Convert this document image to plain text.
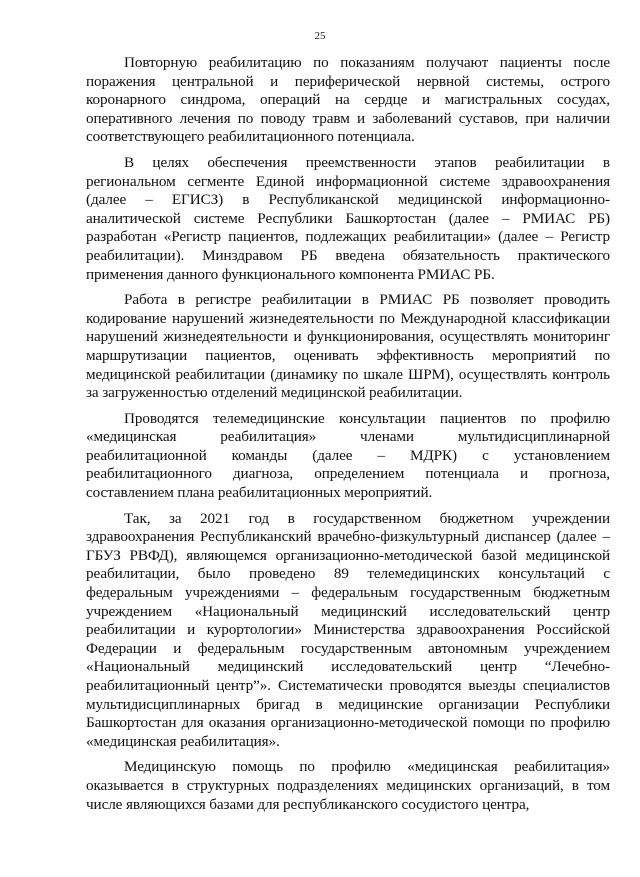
25

Повторную реабилитацию по показаниям получают пациенты после поражения центральной и периферической нервной системы, острого коронарного синдрома, операций на сердце и магистральных сосудах, оперативного лечения по поводу травм и заболеваний суставов, при наличии соответствующего реабилитационного потенциала.

В целях обеспечения преемственности этапов реабилитации в региональном сегменте Единой информационной системе здравоохранения (далее – ЕГИСЗ) в Республиканской медицинской информационно-аналитической системе Республики Башкортостан (далее – РМИАС РБ) разработан «Регистр пациентов, подлежащих реабилитации» (далее – Регистр реабилитации). Минздравом РБ введена обязательность практического применения данного функционального компонента РМИАС РБ.

Работа в регистре реабилитации в РМИАС РБ позволяет проводить кодирование нарушений жизнедеятельности по Международной классификации нарушений жизнедеятельности и функционирования, осуществлять мониторинг маршрутизации пациентов, оценивать эффективность мероприятий по медицинской реабилитации (динамику по шкале ШРМ), осуществлять контроль за загруженностью отделений медицинской реабилитации.

Проводятся телемедицинские консультации пациентов по профилю «медицинская реабилитация» членами мультидисциплинарной реабилитационной команды (далее – МДРК) с установлением реабилитационного диагноза, определением потенциала и прогноза, составлением плана реабилитационных мероприятий.

Так, за 2021 год в государственном бюджетном учреждении здравоохранения Республиканский врачебно-физкультурный диспансер (далее – ГБУЗ РВФД), являющемся организационно-методической базой медицинской реабилитации, было проведено 89 телемедицинских консультаций с федеральным учреждениями – федеральным государственным бюджетным учреждением «Национальный медицинский исследовательский центр реабилитации и курортологии» Министерства здравоохранения Российской Федерации и федеральным государственным автономным учреждением «Национальный медицинский исследовательский центр “Лечебно-реабилитационный центр”». Систематически проводятся выезды специалистов мультидисциплинарных бригад в медицинские организации Республики Башкортостан для оказания организационно-методической помощи по профилю «медицинская реабилитация».

Медицинскую помощь по профилю «медицинская реабилитация» оказывается в структурных подразделениях медицинских организаций, в том числе являющихся базами для республиканского сосудистого центра,
